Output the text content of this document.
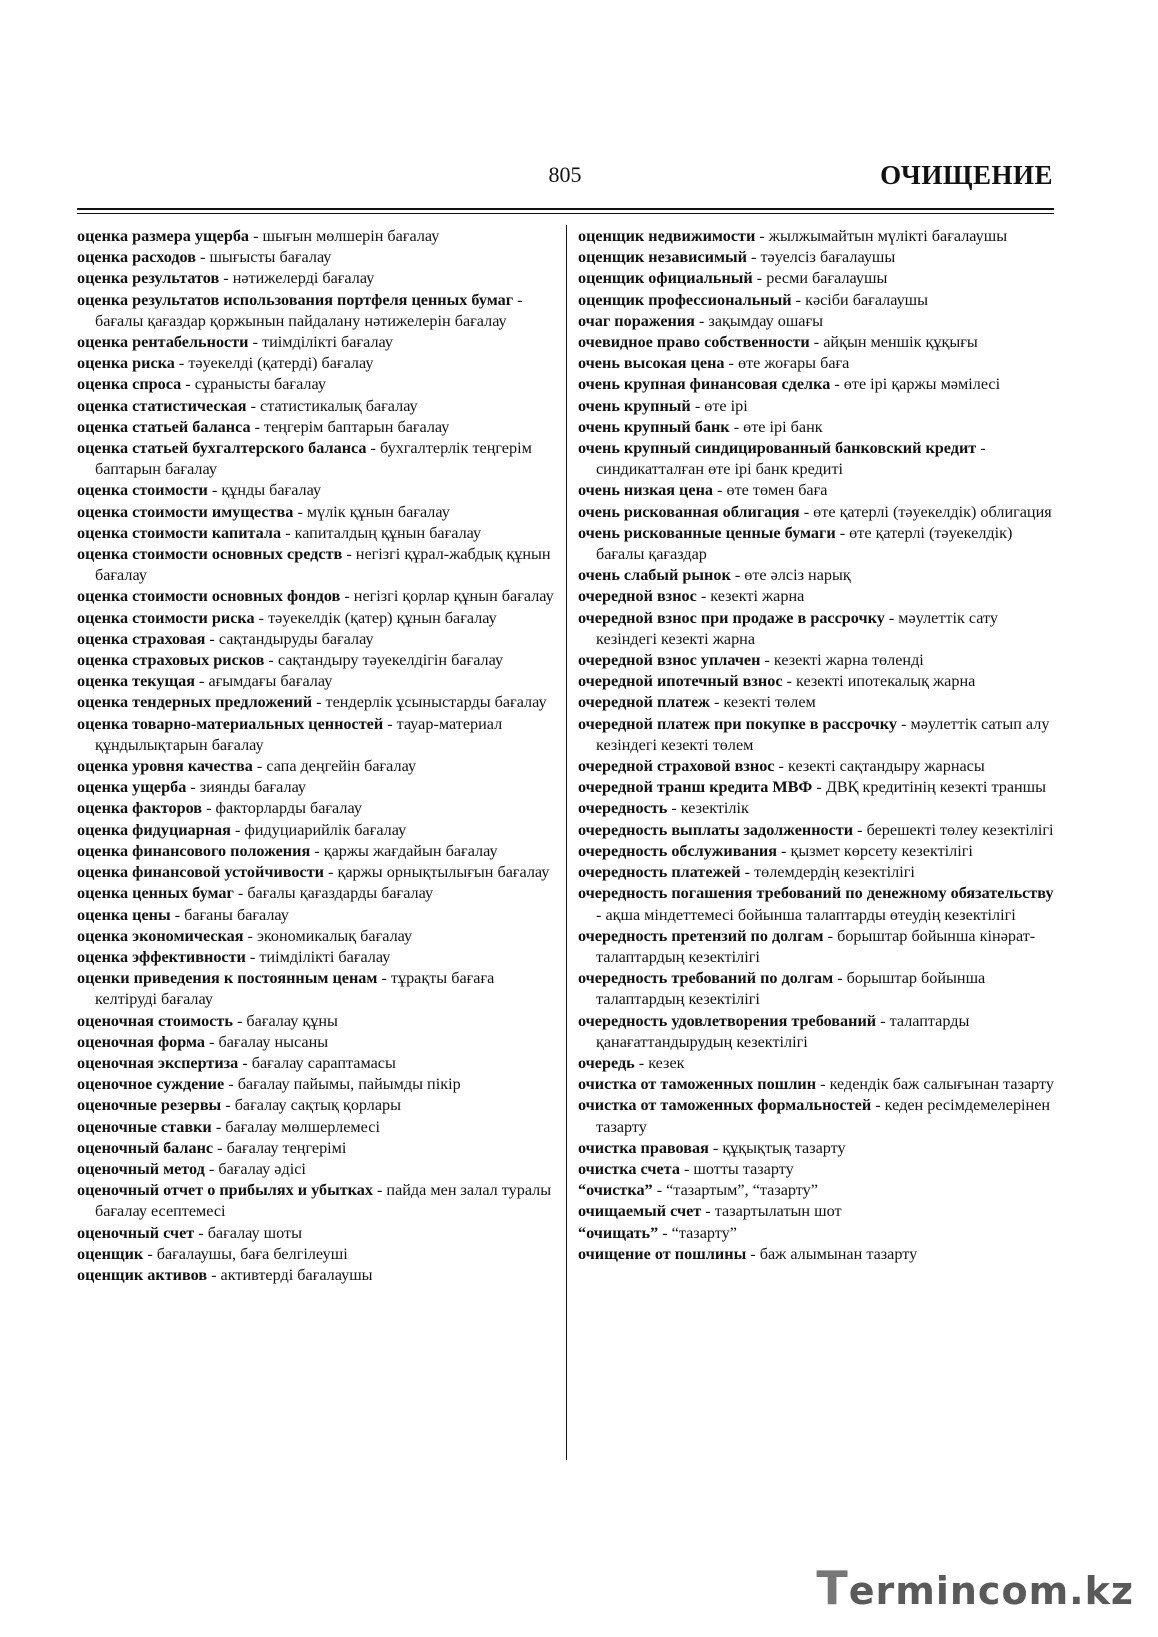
805	ОЧИЩЕНИЕ

оценка размера ущерба - шығын мөлшерін бағалау

оценка расходов - шығысты бағалау

оценка результатов - нәтижелерді бағалау

оценка результатов использования портфеля ценных бумаг - бағалы қағаздар қоржынын пайдалану нәтижелерін бағалау

оценка рентабельности - тиімділікті бағалау

оценка риска - тәуекелді (қатерді) бағалау

оценка спроса - сұранысты бағалау

оценка статистическая - статистикалық бағалау

оценка статьей баланса - теңгерім баптарын бағалау

оценка статьей бухгалтерского баланса - бухгалтерлік теңгерім баптарын бағалау

оценка стоимости - құнды бағалау

оценка стоимости имущества - мүлік құнын бағалау

оценка стоимости капитала - капиталдың құнын бағалау

оценка стоимости основных средств - негізгі құрал-жабдық құнын бағалау

оценка стоимости основных фондов - негізгі қорлар құнын бағалау

оценка стоимости риска - тәуекелдік (қатер) құнын бағалау

оценка страховая - сақтандыруды бағалау

оценка страховых рисков - сақтандыру тәуекелдігін бағалау

оценка текущая - ағымдағы бағалау

оценка тендерных предложений - тендерлік ұсыныстарды бағалау

оценка товарно-материальных ценностей - тауар-материал құндылықтарын бағалау

оценка уровня качества - сапа деңгейін бағалау

оценка ущерба - зиянды бағалау

оценка факторов - факторларды бағалау

оценка фидуциарная - фидуциарийлік бағалау

оценка финансового положения - қаржы жағдайын бағалау

оценка финансовой устойчивости - қаржы орнықтылығын бағалау

оценка ценных бумаг - бағалы қағаздарды бағалау

оценка цены - бағаны бағалау

оценка экономическая - экономикалық бағалау

оценка эффективности - тиімділікті бағалау

оценки приведения к постоянным ценам - тұрақты бағаға келтіруді бағалау

оценочная стоимость - бағалау құны

оценочная форма - бағалау нысаны

оценочная экспертиза - бағалау сараптамасы

оценочное суждение - бағалау пайымы, пайымды пікір

оценочные резервы - бағалау сақтық қорлары

оценочные ставки - бағалау мөлшерлемесі

оценочный баланс - бағалау теңгерімі

оценочный метод - бағалау әдісі

оценочный отчет о прибылях и убытках - пайда мен залал туралы бағалау есептемесі

оценочный счет - бағалау шоты

оценщик - бағалаушы, баға белгілеуші

оценщик активов - активтерді бағалаушы

оценщик недвижимости - жылжымайтын мүлікті бағалаушы

оценщик независимый - тәуелсіз бағалаушы

оценщик официальный - ресми бағалаушы

оценщик профессиональный - кәсіби бағалаушы

очаг поражения - зақымдау ошағы

очевидное право собственности - айқын меншік құқығы

очень высокая цена - өте жоғары баға

очень крупная финансовая сделка - өте ірі қаржы мәмілесі

очень крупный - өте ірі

очень крупный банк - өте ірі банк

очень крупный синдицированный банковский кредит - синдикатталған өте ірі банк кредиті

очень низкая цена - өте төмен баға

очень рискованная облигация - өте қатерлі (тәуекелдік) облигация

очень рискованные ценные бумаги - өте қатерлі (тәуекелдік) бағалы қағаздар

очень слабый рынок - өте әлсіз нарық

очередной взнос - кезекті жарна

очередной взнос при продаже в рассрочку - мәулеттік сату кезіндегі кезекті жарна

очередной взнос уплачен - кезекті жарна төленді

очередной ипотечный взнос - кезекті ипотекалық жарна

очередной платеж - кезекті төлем

очередной платеж при покупке в рассрочку - мәулеттік сатып алу кезіндегі кезекті төлем

очередной страховой взнос - кезекті сақтандыру жарнасы

очередной транш кредита МВФ - ДВҚ кредитінің кезекті траншы

очередность - кезектілік

очередность выплаты задолженности - берешекті төлеу кезектілігі

очередность обслуживания - қызмет көрсету кезектілігі

очередность платежей - төлемдердің кезектілігі

очередность погашения требований по денежному обязательству - ақша міндеттемесі бойынша талаптарды өтеудің кезектілігі

очередность претензий по долгам - борыштар бойынша кінәрат-талаптардың кезектілігі

очередность требований по долгам - борыштар бойынша талаптардың кезектілігі

очередность удовлетворения требований - талаптарды қанағаттандырудың кезектілігі

очередь - кезек

очистка от таможенных пошлин - кедендік баж салығынан тазарту

очистка от таможенных формальностей - кеден ресімдемелерінен тазарту

очистка правовая - құқықтық тазарту

очистка счета - шотты тазарту

“очистка” - “тазартым”, “тазарту”

очищаемый счет - тазартылатын шот

“очищать” - “тазарту”

очищение от пошлины - баж алымынан тазарту

Termincom.kz
